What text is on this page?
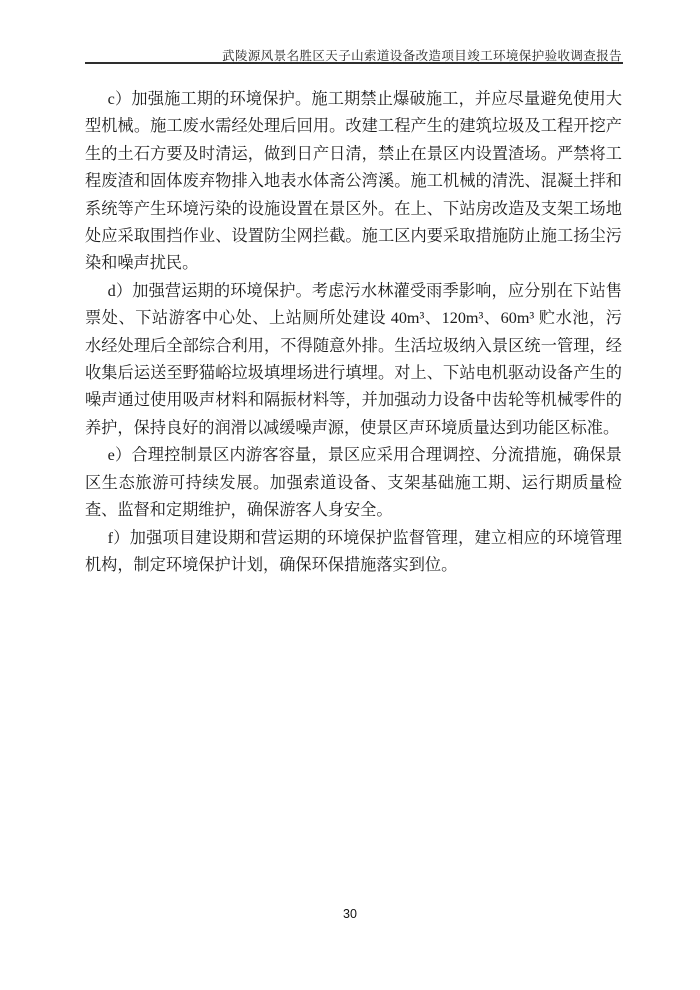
武陵源风景名胜区天子山索道设备改造项目竣工环境保护验收调查报告

c）加强施工期的环境保护。施工期禁止爆破施工，并应尽量避免使用大型机械。施工废水需经处理后回用。改建工程产生的建筑垃圾及工程开挖产生的土石方要及时清运，做到日产日清，禁止在景区内设置渣场。严禁将工程废渣和固体废弃物排入地表水体斋公湾溪。施工机械的清洗、混凝土拌和系统等产生环境污染的设施设置在景区外。在上、下站房改造及支架工场地处应采取围挡作业、设置防尘网拦截。施工区内要采取措施防止施工扬尘污染和噪声扰民。

d）加强营运期的环境保护。考虑污水林灌受雨季影响，应分别在下站售票处、下站游客中心处、上站厕所处建设 40m³、120m³、60m³ 贮水池，污水经处理后全部综合利用，不得随意外排。生活垃圾纳入景区统一管理，经收集后运送至野猫峪垃圾填埋场进行填埋。对上、下站电机驱动设备产生的噪声通过使用吸声材料和隔振材料等，并加强动力设备中齿轮等机械零件的养护，保持良好的润滑以减缓噪声源，使景区声环境质量达到功能区标准。

e）合理控制景区内游客容量，景区应采用合理调控、分流措施，确保景区生态旅游可持续发展。加强索道设备、支架基础施工期、运行期质量检查、监督和定期维护，确保游客人身安全。

f）加强项目建设期和营运期的环境保护监督管理，建立相应的环境管理机构，制定环境保护计划，确保环保措施落实到位。

30
